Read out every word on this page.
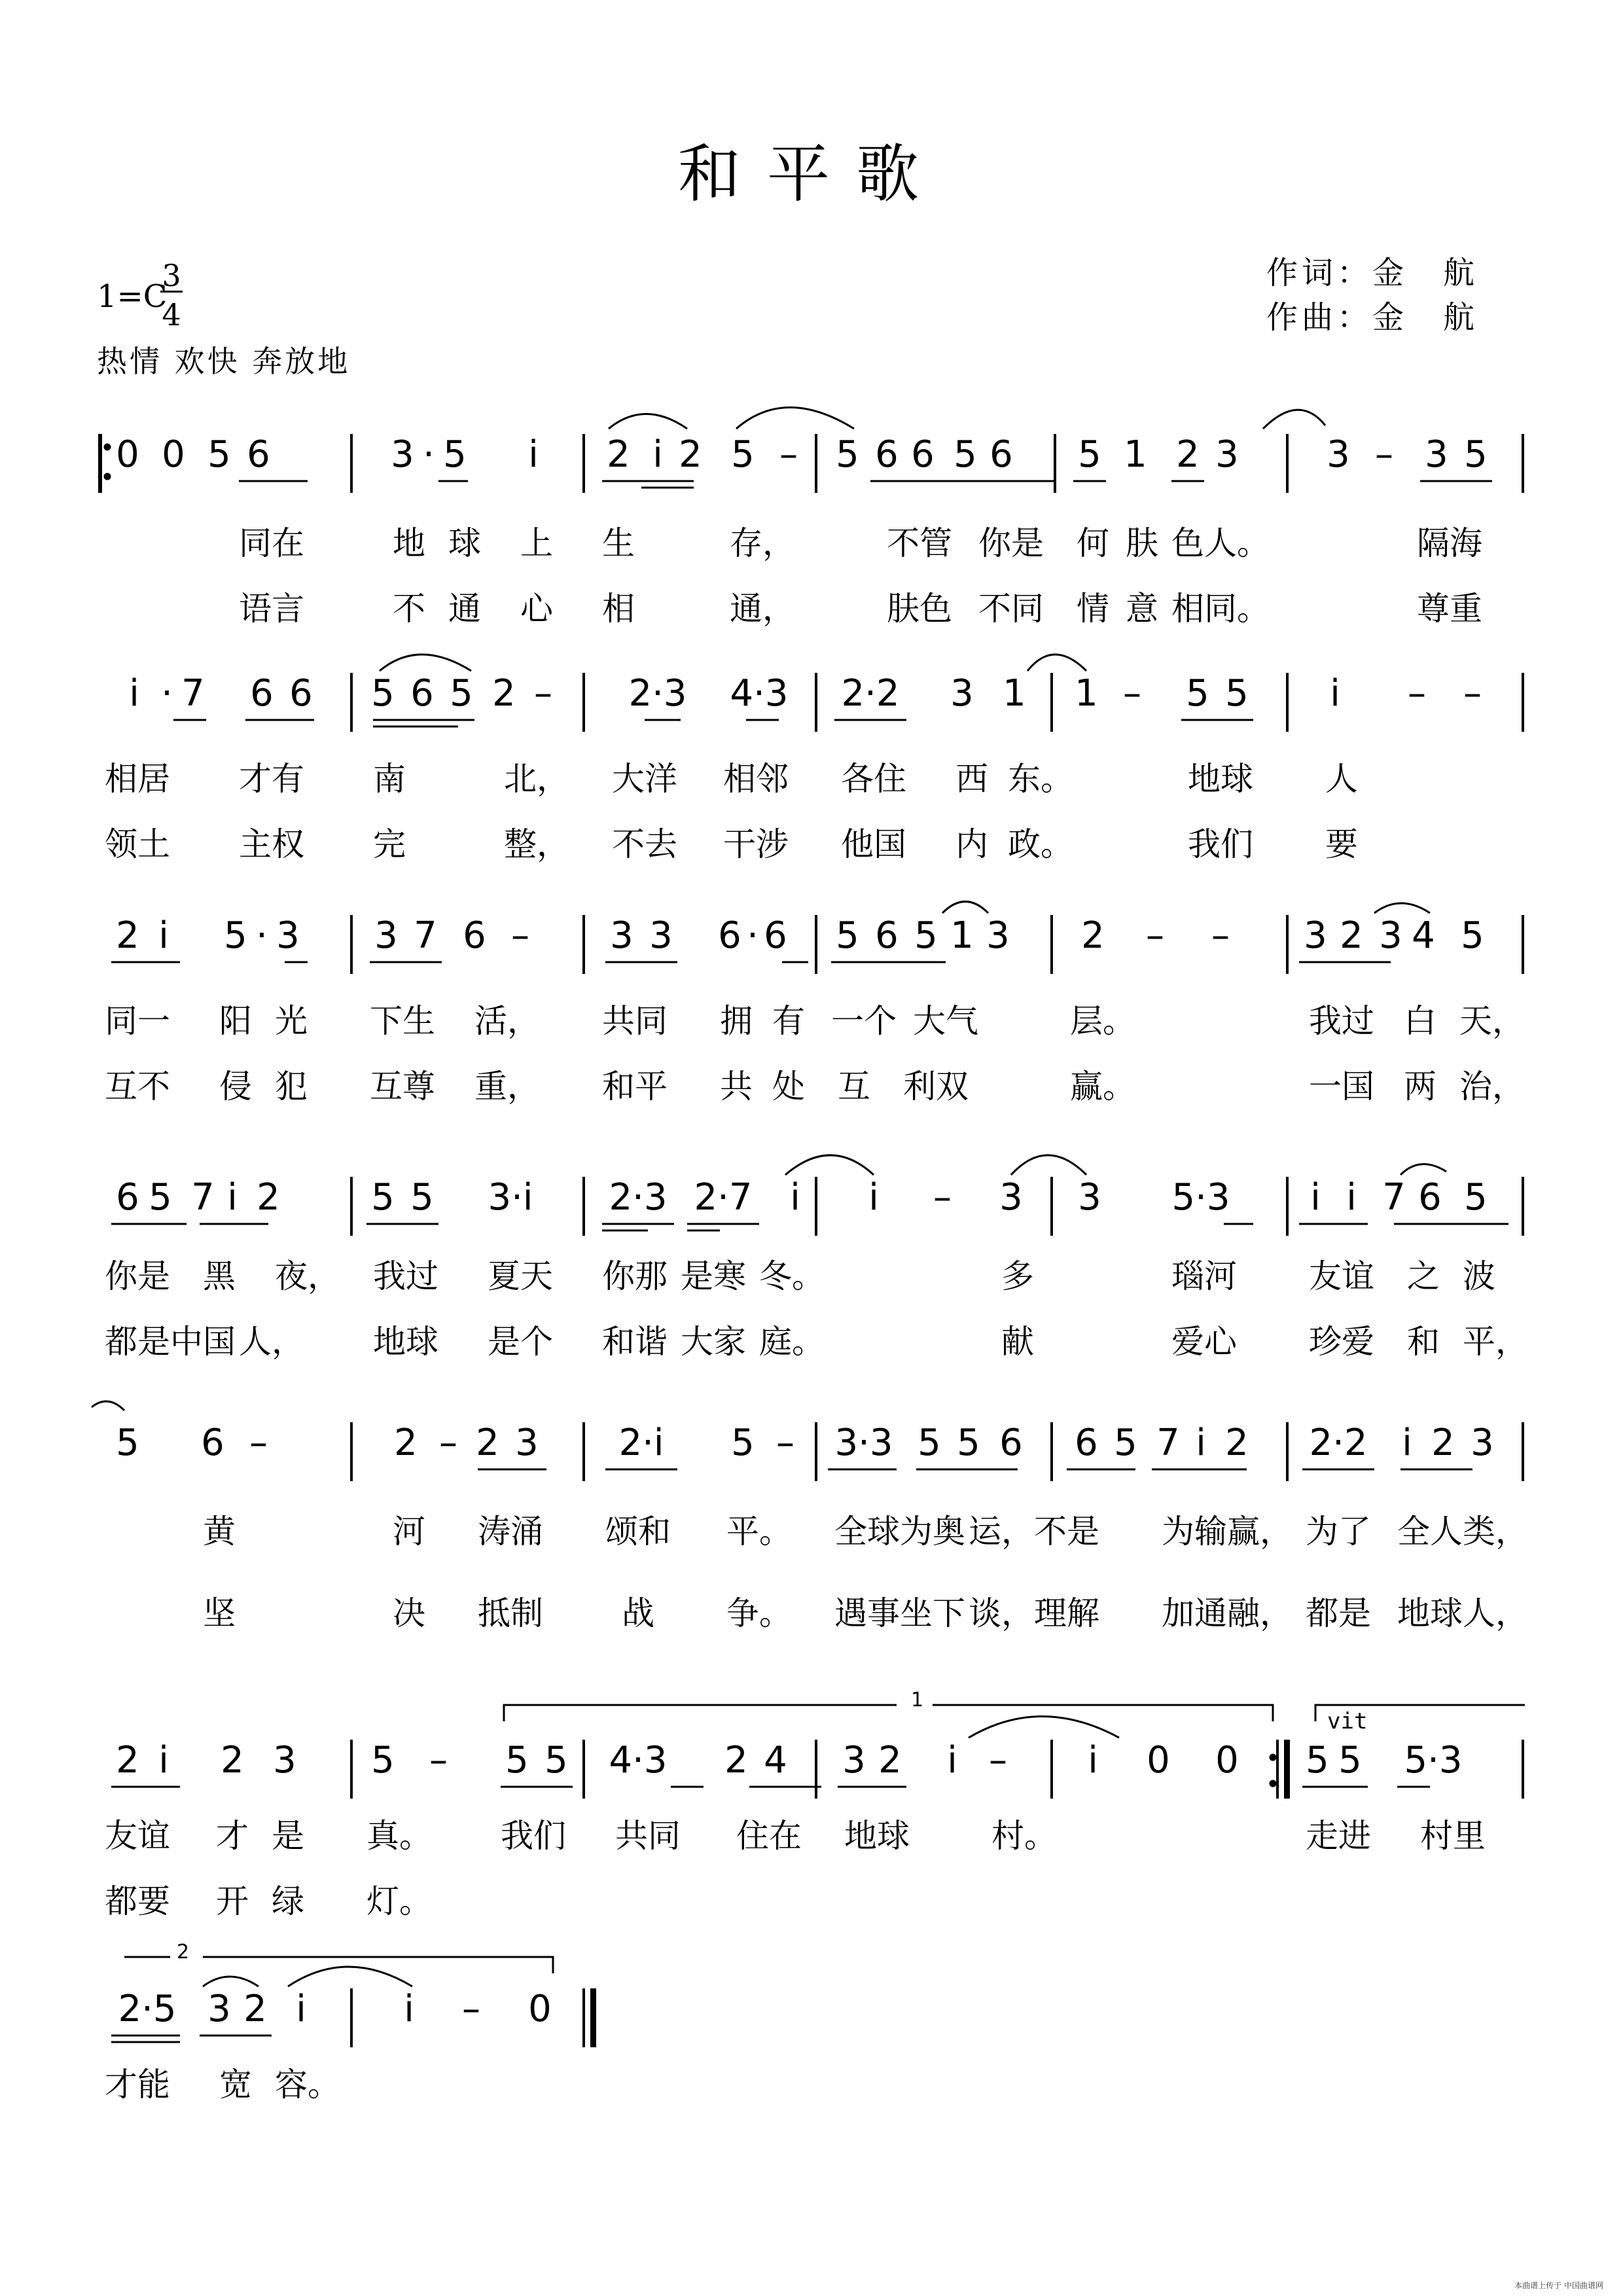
和平歌
作词：金　航
作曲：金　航
1=C
3
4
热情 欢快 奔放地
0 0 5 6	3 · 5	i	2 i 2 5 – 5 6 6 5 6 5 1 2 3 3 – 3 5
同在	地 球 上 生	存，	不管 你是 何 肤 色人。	隔海
语言	不 通 心 相	通，	肤色 不同 情 意 相同。	尊重
i · 7 6 6 5 6 5 2 – 2·3 4·3 2·2 3 1 1 – 5 5	i	– –
相居 才有 南	北， 大洋 相邻 各住 西 东。	地球 人
领土 主权 完	整， 不去 干涉 他国 内 政。	我们 要
2 i	5 · 3 3 7 6 – 3 3 6 · 6 5 6 5 1 3 2 – – 3 2 3 4 5
同一 阳 光 下生 活， 共同 拥 有 一个 大气	层。	我过 白 天，
互不 侵 犯 互尊 重， 和平 共 处 互 利双	赢。	一国 两 治，
6 5 7 i 2 5 5	3·i	2·3 2·7	i	i	– 3 3 5·3	i i 7 6 5
你是 黑 夜， 我过 夏天 你那 是寒 冬。	多	瑙河 友谊 之 波
都是 中国 人， 地球 是个 和谐 大家 庭。	献	爱心 珍爱 和 平，
5 6 –	2 – 2 3	2·i	5 – 3·3 5 5 6 6 5 7 i 2 2·2 i 2 3
黄	河 涛涌 颂和 平。 全球为奥 运，不是 为输赢， 为了 全人类，
坚	决 抵制 战 争。 遇事坐下 谈，理解 加通融， 都是 地球人，
1
vit
2 i	2 3 5 – 5 5 4·3 2 4 3 2	i –	i	0 0 5 5 5·3
友谊 才 是 真。 我们 共同 住在 地球	村。	走进 村里
都要 开 绿 灯。
2
2·5 3 2 i	i	– 0
才能 宽 容。
本曲谱上传于 中国曲谱网
